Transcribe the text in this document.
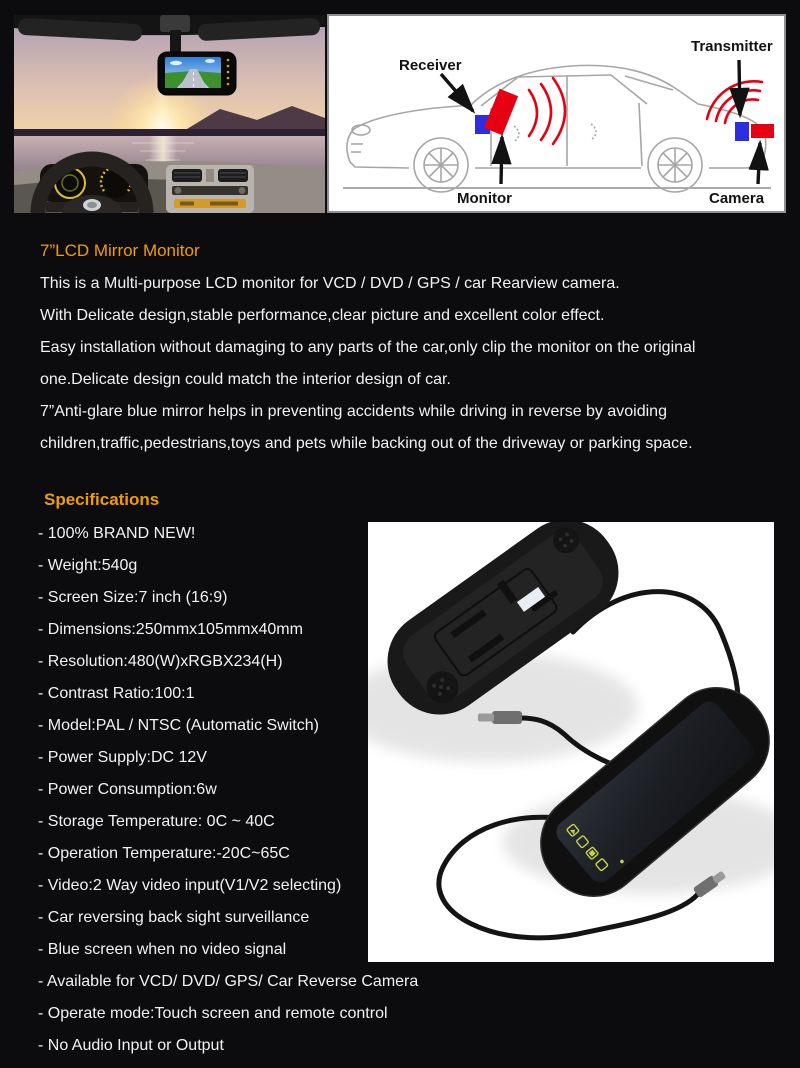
Receiver
Transmitter
Monitor	Camera
7”LCD Mirror Monitor
This is a Multi-purpose LCD monitor for VCD / DVD / GPS / car Rearview camera.
With Delicate design,stable performance,clear picture and excellent color effect.
Easy installation without damaging to any parts of the car,only clip the monitor on the original
one.Delicate design could match the interior design of car.
7”Anti-glare blue mirror helps in preventing accidents while driving in reverse by avoiding
children,traffic,pedestrians,toys and pets while backing out of the driveway or parking space.
Specifications
- 100% BRAND NEW!
- Weight:540g
- Screen Size:7 inch (16:9)
- Dimensions:250mmx105mmx40mm
- Resolution:480(W)xRGBX234(H)
- Contrast Ratio:100:1
- Model:PAL / NTSC (Automatic Switch)
- Power Supply:DC 12V
- Power Consumption:6w
- Storage Temperature: 0C ~ 40C
- Operation Temperature:-20C~65C
- Video:2 Way video input(V1/V2 selecting)
- Car reversing back sight surveillance
- Blue screen when no video signal
- Available for VCD/ DVD/ GPS/ Car Reverse Camera
- Operate mode:Touch screen and remote control
- No Audio Input or Output
